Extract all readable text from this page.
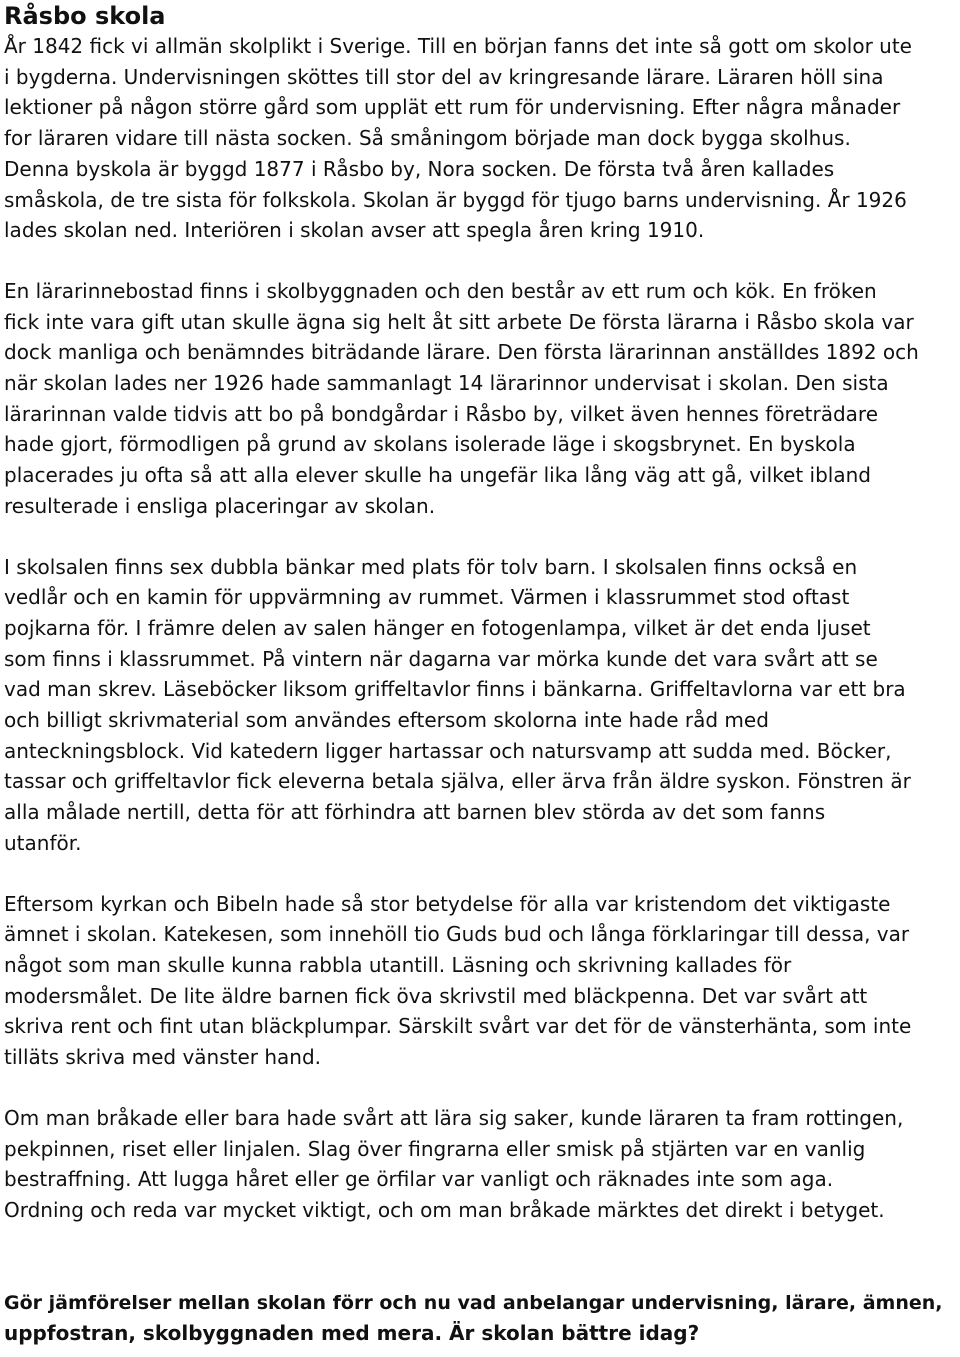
Råsbo skola

År 1842 fick vi allmän skolplikt i Sverige. Till en början fanns det inte så gott om skolor ute
i bygderna. Undervisningen sköttes till stor del av kringresande lärare. Läraren höll sina
lektioner på någon större gård som upplät ett rum för undervisning. Efter några månader
for läraren vidare till nästa socken. Så småningom började man dock bygga skolhus.
Denna byskola är byggd 1877 i Råsbo by, Nora socken. De första två åren kallades
småskola, de tre sista för folkskola. Skolan är byggd för tjugo barns undervisning. År 1926
lades skolan ned. Interiören i skolan avser att spegla åren kring 1910.

En lärarinnebostad finns i skolbyggnaden och den består av ett rum och kök. En fröken
fick inte vara gift utan skulle ägna sig helt åt sitt arbete De första lärarna i Råsbo skola var
dock manliga och benämndes biträdande lärare. Den första lärarinnan anställdes 1892 och
när skolan lades ner 1926 hade sammanlagt 14 lärarinnor undervisat i skolan. Den sista
lärarinnan valde tidvis att bo på bondgårdar i Råsbo by, vilket även hennes företrädare
hade gjort, förmodligen på grund av skolans isolerade läge i skogsbrynet. En byskola
placerades ju ofta så att alla elever skulle ha ungefär lika lång väg att gå, vilket ibland
resulterade i ensliga placeringar av skolan.

I skolsalen finns sex dubbla bänkar med plats för tolv barn. I skolsalen finns också en
vedlår och en kamin för uppvärmning av rummet. Värmen i klassrummet stod oftast
pojkarna för. I främre delen av salen hänger en fotogenlampa, vilket är det enda ljuset
som finns i klassrummet. På vintern när dagarna var mörka kunde det vara svårt att se
vad man skrev. Läseböcker liksom griffeltavlor finns i bänkarna. Griffeltavlorna var ett bra
och billigt skrivmaterial som användes eftersom skolorna inte hade råd med
anteckningsblock. Vid katedern ligger hartassar och natursvamp att sudda med. Böcker,
tassar och griffeltavlor fick eleverna betala själva, eller ärva från äldre syskon. Fönstren är
alla målade nertill, detta för att förhindra att barnen blev störda av det som fanns
utanför.

Eftersom kyrkan och Bibeln hade så stor betydelse för alla var kristendom det viktigaste
ämnet i skolan. Katekesen, som innehöll tio Guds bud och långa förklaringar till dessa, var
något som man skulle kunna rabbla utantill. Läsning och skrivning kallades för
modersmålet. De lite äldre barnen fick öva skrivstil med bläckpenna. Det var svårt att
skriva rent och fint utan bläckplumpar. Särskilt svårt var det för de vänsterhänta, som inte
tilläts skriva med vänster hand.

Om man bråkade eller bara hade svårt att lära sig saker, kunde läraren ta fram rottingen,
pekpinnen, riset eller linjalen. Slag över fingrarna eller smisk på stjärten var en vanlig
bestraffning. Att lugga håret eller ge örfilar var vanligt och räknades inte som aga.
Ordning och reda var mycket viktigt, och om man bråkade märktes det direkt i betyget.

Gör jämförelser mellan skolan förr och nu vad anbelangar undervisning, lärare, ämnen,
uppfostran, skolbyggnaden med mera. Är skolan bättre idag?
